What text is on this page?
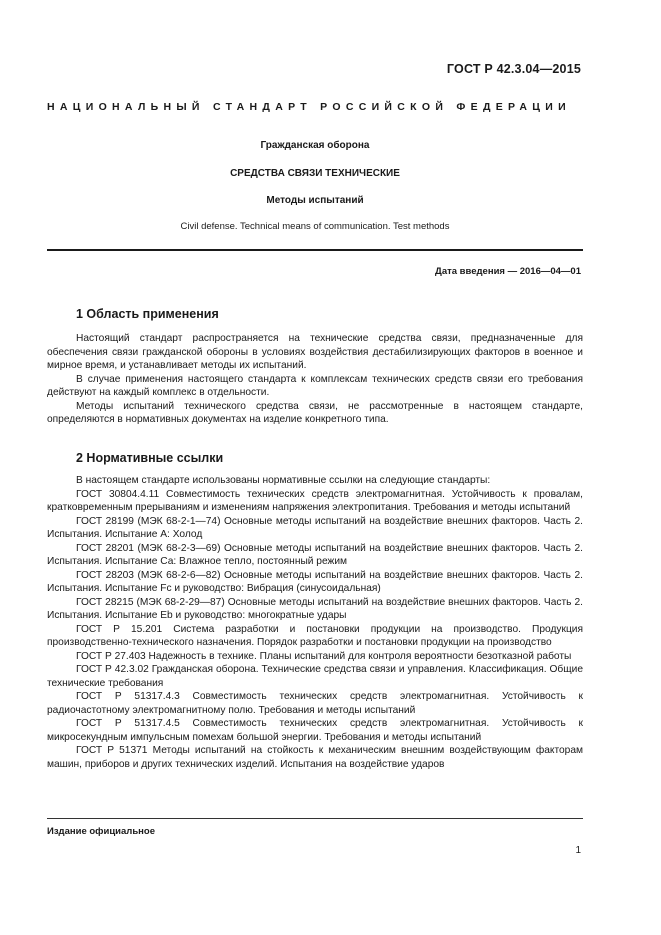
ГОСТ Р 42.3.04—2015
НАЦИОНАЛЬНЫЙ СТАНДАРТ РОССИЙСКОЙ ФЕДЕРАЦИИ
Гражданская оборона
СРЕДСТВА СВЯЗИ ТЕХНИЧЕСКИЕ
Методы испытаний
Civil defense. Technical means of communication. Test methods
Дата введения — 2016—04—01
1 Область применения

Настоящий стандарт распространяется на технические средства связи, предназначенные для обеспечения связи гражданской обороны в условиях воздействия дестабилизирующих факторов в военное и мирное время, и устанавливает методы их испытаний.

В случае применения настоящего стандарта к комплексам технических средств связи его требования действуют на каждый комплекс в отдельности.

Методы испытаний технического средства связи, не рассмотренные в настоящем стандарте, определяются в нормативных документах на изделие конкретного типа.

2 Нормативные ссылки

В настоящем стандарте использованы нормативные ссылки на следующие стандарты:

ГОСТ 30804.4.11 Совместимость технических средств электромагнитная. Устойчивость к провалам, кратковременным прерываниям и изменениям напряжения электропитания. Требования и методы испытаний

ГОСТ 28199 (МЭК 68-2-1—74) Основные методы испытаний на воздействие внешних факторов. Часть 2. Испытания. Испытание А: Холод

ГОСТ 28201 (МЭК 68-2-3—69) Основные методы испытаний на воздействие внешних факторов. Часть 2. Испытания. Испытание Са: Влажное тепло, постоянный режим

ГОСТ 28203 (МЭК 68-2-6—82) Основные методы испытаний на воздействие внешних факторов. Часть 2. Испытания. Испытание Fc и руководство: Вибрация (синусоидальная)

ГОСТ 28215 (МЭК 68-2-29—87) Основные методы испытаний на воздействие внешних факторов. Часть 2. Испытания. Испытание Eb и руководство: многократные удары

ГОСТ Р 15.201 Система разработки и постановки продукции на производство. Продукция производственно-технического назначения. Порядок разработки и постановки продукции на производство

ГОСТ Р 27.403 Надежность в технике. Планы испытаний для контроля вероятности безотказной работы

ГОСТ Р 42.3.02 Гражданская оборона. Технические средства связи и управления. Классификация. Общие технические требования

ГОСТ Р 51317.4.3 Совместимость технических средств электромагнитная. Устойчивость к радиочастотному электромагнитному полю. Требования и методы испытаний

ГОСТ Р 51317.4.5 Совместимость технических средств электромагнитная. Устойчивость к микросекундным импульсным помехам большой энергии. Требования и методы испытаний

ГОСТ Р 51371 Методы испытаний на стойкость к механическим внешним воздействующим факторам машин, приборов и других технических изделий. Испытания на воздействие ударов

Издание официальное
1
